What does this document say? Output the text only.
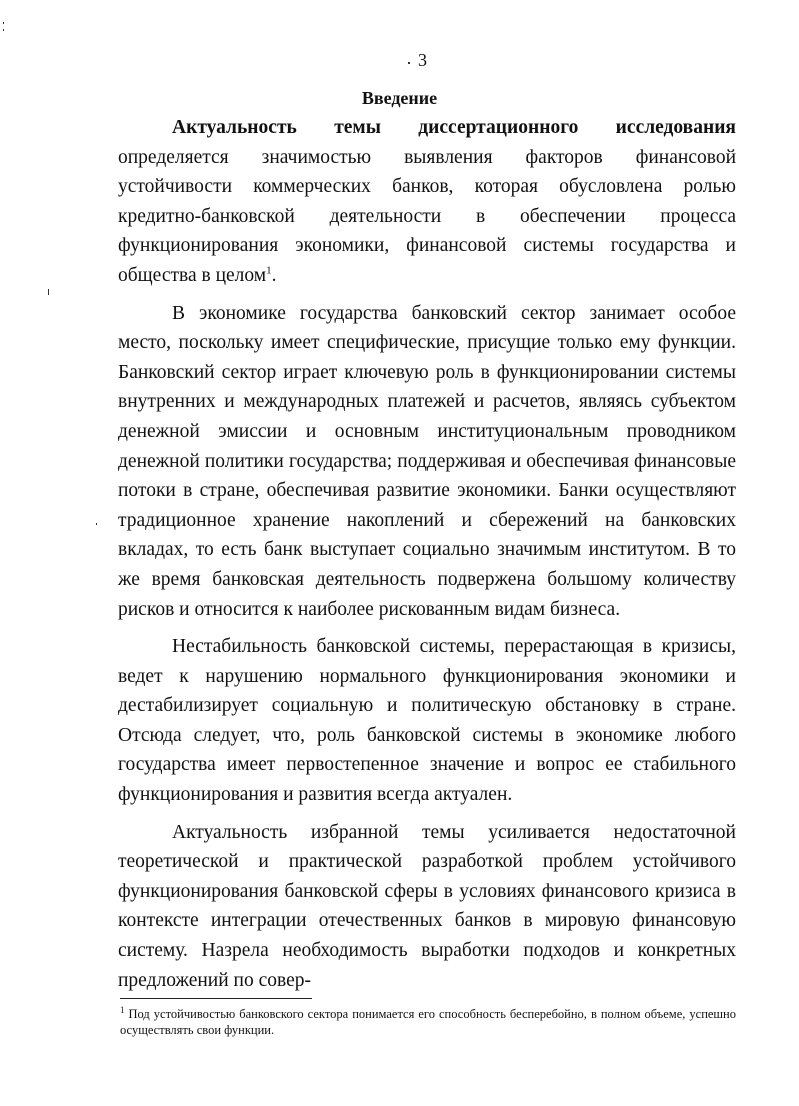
3
Введение

Актуальность темы диссертационного исследования определяется значимостью выявления факторов финансовой устойчивости коммерческих банков, которая обусловлена ролью кредитно-банковской деятельности в обеспечении процесса функционирования экономики, финансовой системы государства и общества в целом$^1$.

В экономике государства банковский сектор занимает особое место, поскольку имеет специфические, присущие только ему функции. Банковский сектор играет ключевую роль в функционировании системы внутренних и международных платежей и расчетов, являясь субъектом денежной эмиссии и основным институциональным проводником денежной политики государства; поддерживая и обеспечивая финансовые потоки в стране, обеспечивая развитие экономики. Банки осуществляют традиционное хранение накоплений и сбережений на банковских вкладах, то есть банк выступает социально значимым институтом. В то же время банковская деятельность подвержена большому количеству рисков и относится к наиболее рискованным видам бизнеса.

Нестабильность банковской системы, перерастающая в кризисы, ведет к нарушению нормального функционирования экономики и дестабилизирует социальную и политическую обстановку в стране. Отсюда следует, что, роль банковской системы в экономике любого государства имеет первостепенное значение и вопрос ее стабильного функционирования и развития всегда актуален.

Актуальность избранной темы усиливается недостаточной теоретической и практической разработкой проблем устойчивого функционирования банковской сферы в условиях финансового кризиса в контексте интеграции отечественных банков в мировую финансовую систему. Назрела необходимость выработки подходов и конкретных предложений по совер-

$^1$ Под устойчивостью банковского сектора понимается его способность бесперебойно, в полном объеме, успешно осуществлять свои функции.
